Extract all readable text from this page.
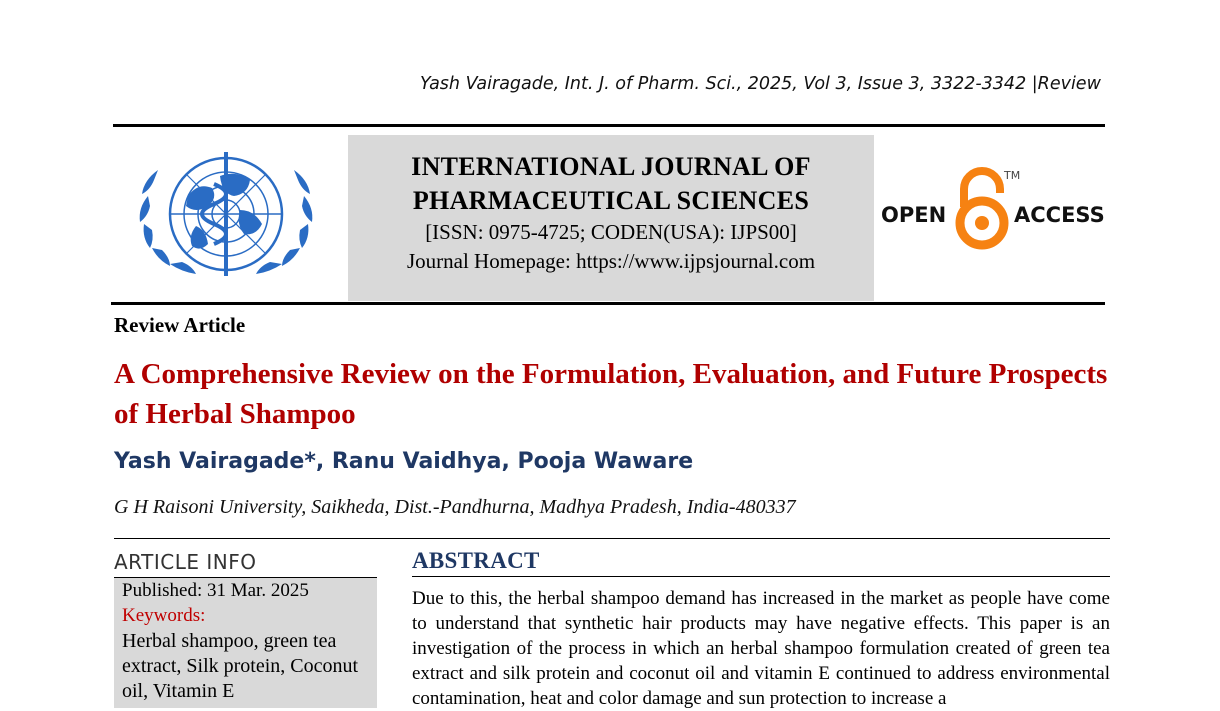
Yash Vairagade, Int. J. of Pharm. Sci., 2025, Vol 3, Issue 3, 3322-3342 |Review
INTERNATIONAL JOURNAL OF
PHARMACEUTICAL SCIENCES
[ISSN: 0975-4725; CODEN(USA): IJPS00]
Journal Homepage: https://www.ijpsjournal.com
OPEN
TM
ACCESS
Review Article
A Comprehensive Review on the Formulation, Evaluation, and Future Prospects of Herbal Shampoo
Yash Vairagade*, Ranu Vaidhya, Pooja Waware
G H Raisoni University, Saikheda, Dist.-Pandhurna, Madhya Pradesh, India-480337
ARTICLE INFO
Published: 31 Mar. 2025
Keywords:
Herbal shampoo, green tea extract, Silk protein, Coconut oil, Vitamin E
ABSTRACT
Due to this, the herbal shampoo demand has increased in the market as people have come to understand that synthetic hair products may have negative effects. This paper is an investigation of the process in which an herbal shampoo formulation created of green tea extract and silk protein and coconut oil and vitamin E continued to address environmental contamination, heat and color damage and sun protection to increase a
